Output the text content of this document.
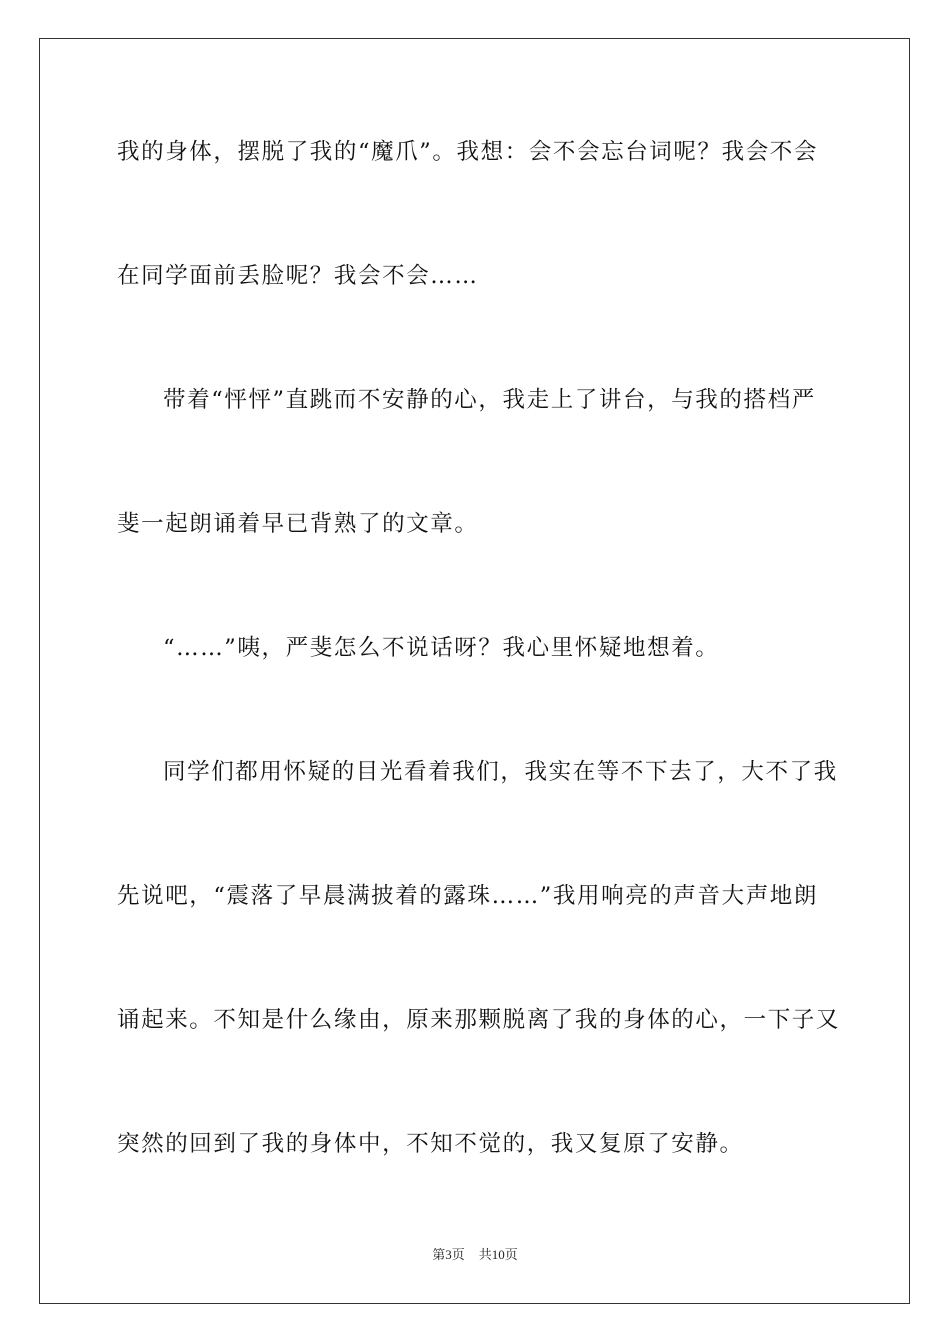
我的身体，摆脱了我的“魔爪”。我想：会不会忘台词呢？我会不会
在同学面前丢脸呢？我会不会……
带着“怦怦”直跳而不安静的心，我走上了讲台，与我的搭档严
斐一起朗诵着早已背熟了的文章。
“……”咦，严斐怎么不说话呀？我心里怀疑地想着。
同学们都用怀疑的目光看着我们，我实在等不下去了，大不了我
先说吧，“震落了早晨满披着的露珠……”我用响亮的声音大声地朗
诵起来。不知是什么缘由，原来那颗脱离了我的身体的心，一下子又
突然的回到了我的身体中，不知不觉的，我又复原了安静。
第3页 共10页
